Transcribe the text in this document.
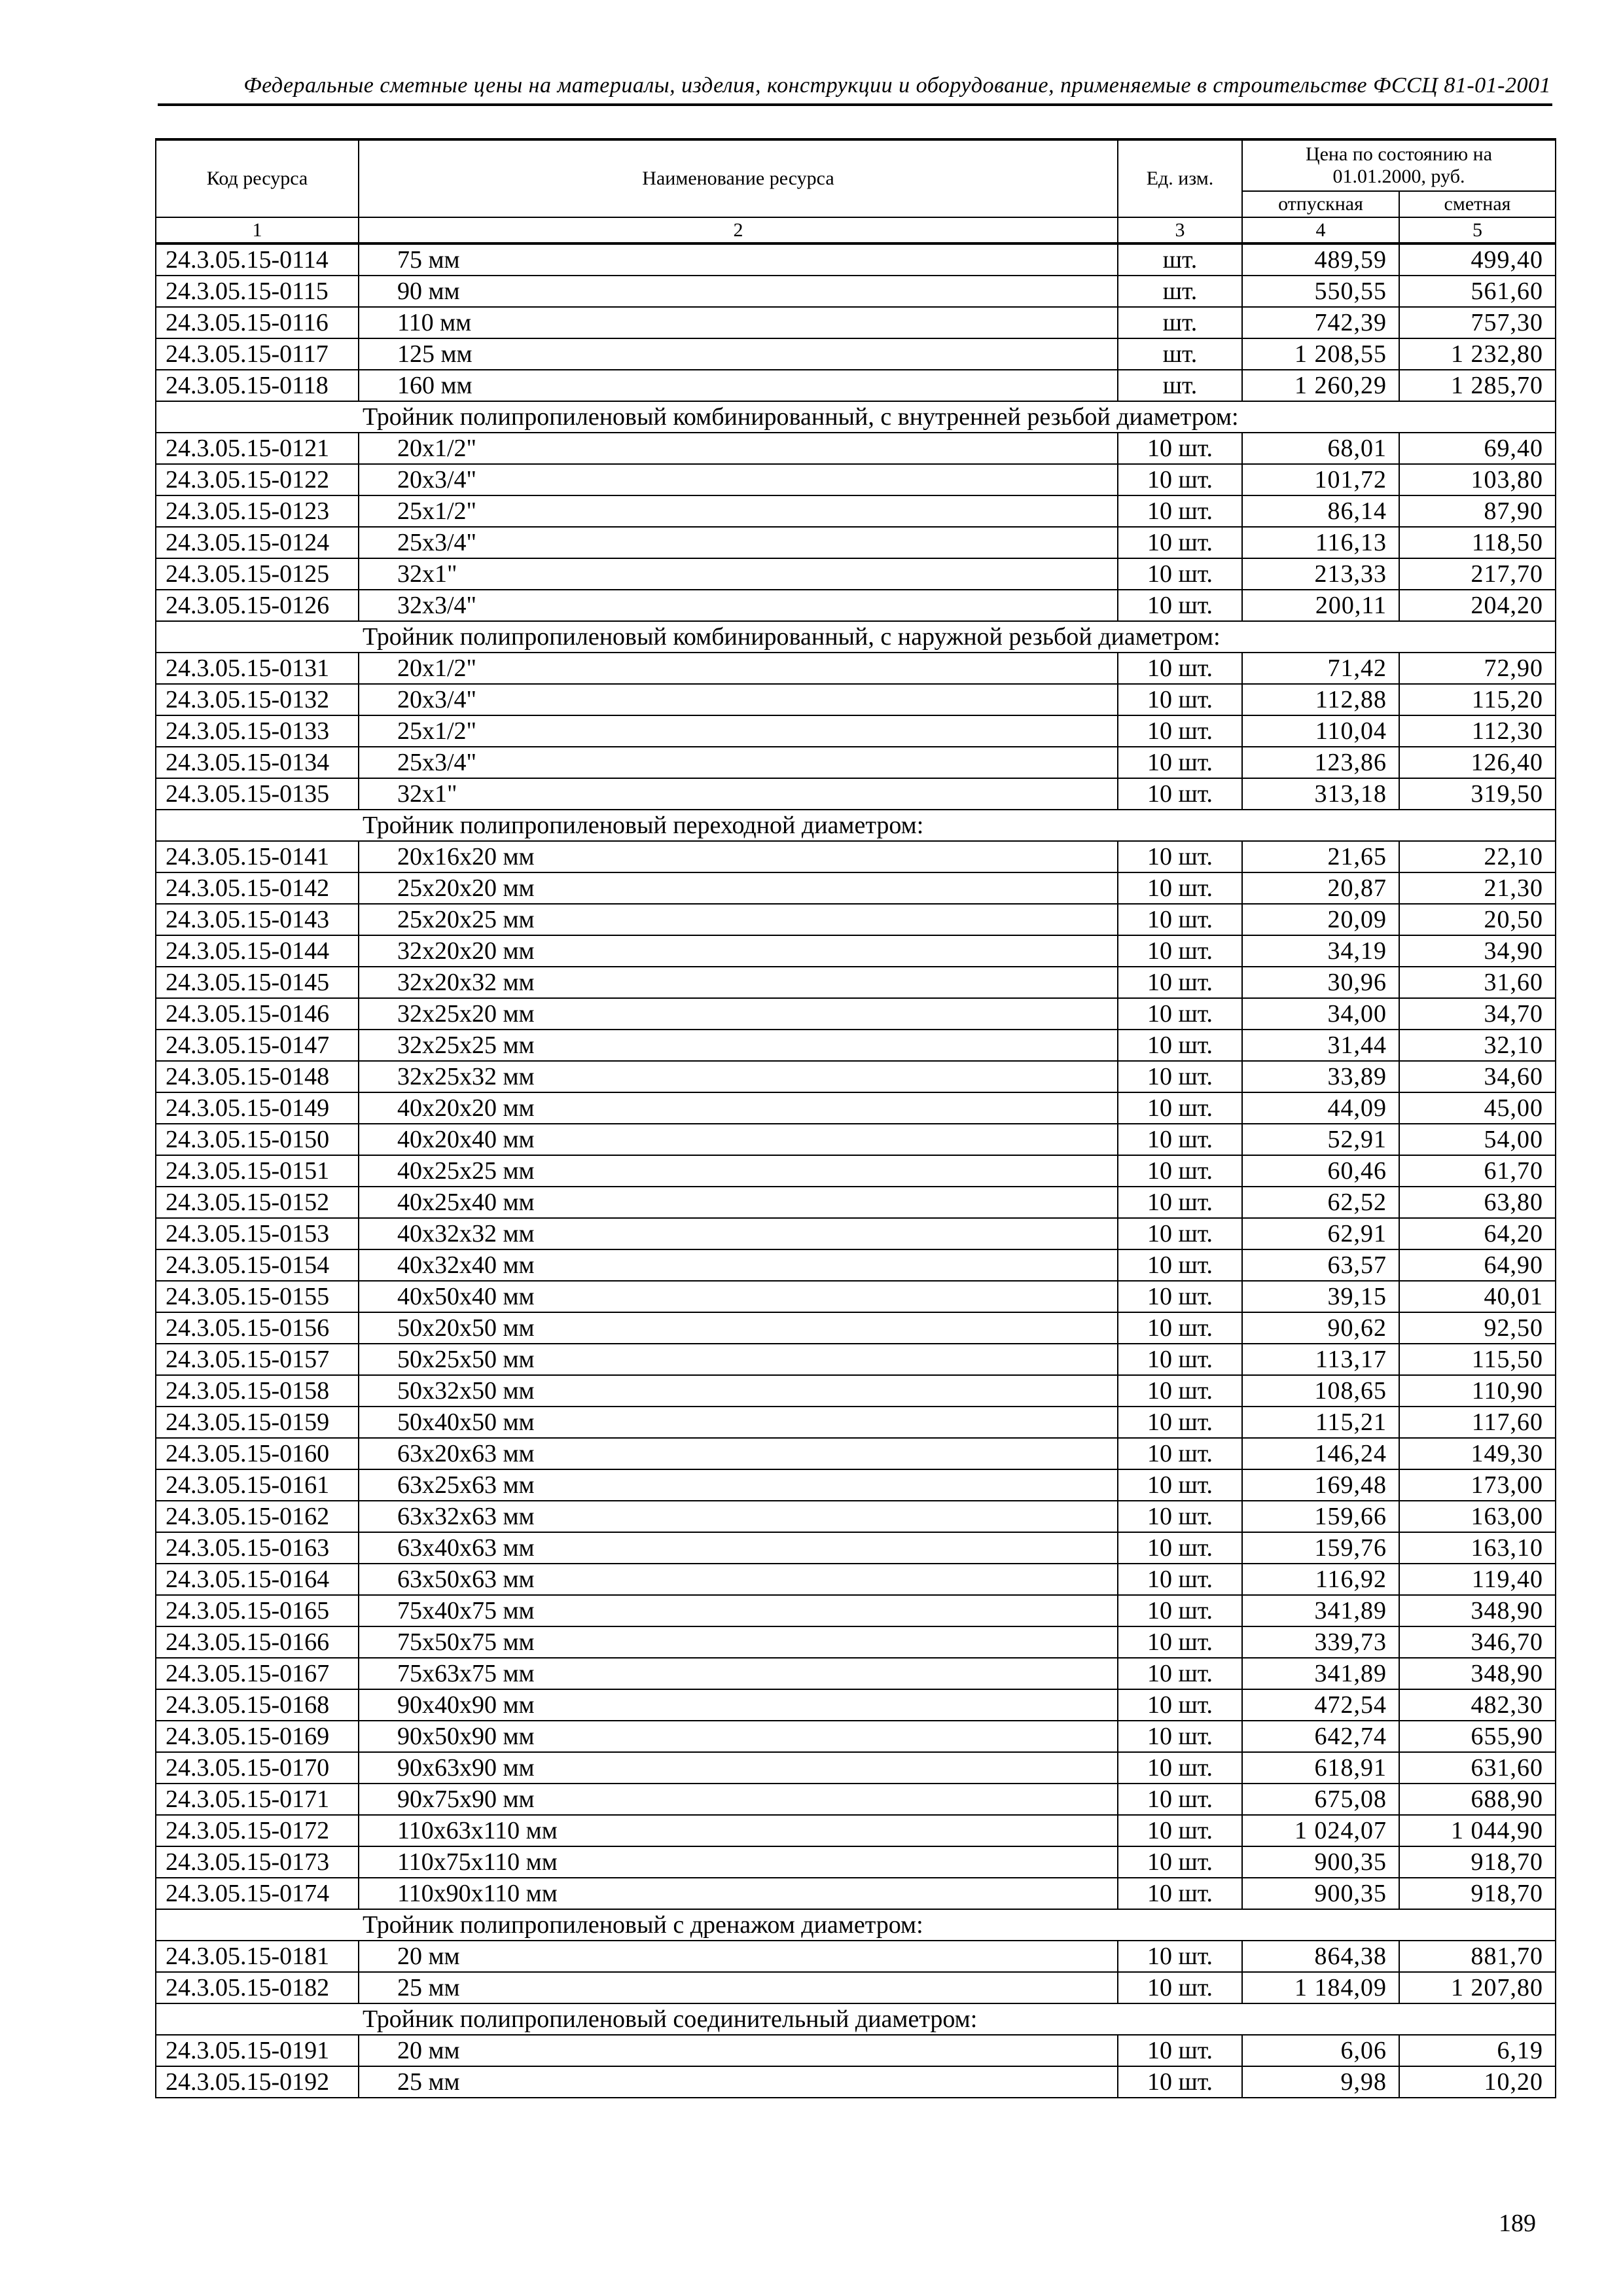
Федеральные сметные цены на материалы, изделия, конструкции и оборудование, применяемые в строительстве ФССЦ 81-01-2001
Код ресурса	Наименование ресурса	Ед. изм.	Цена по состоянию на 01.01.2000, руб.	
			отпускная	сметная
1	2	3	4	5
24.3.05.15-0114	75 мм	шт.	489,59	499,40
24.3.05.15-0115	90 мм	шт.	550,55	561,60
24.3.05.15-0116	110 мм	шт.	742,39	757,30
24.3.05.15-0117	125 мм	шт.	1 208,55	1 232,80
24.3.05.15-0118	160 мм	шт.	1 260,29	1 285,70
Тройник полипропиленовый комбинированный, с внутренней резьбой диаметром:				
24.3.05.15-0121	20x1/2"	10 шт.	68,01	69,40
24.3.05.15-0122	20x3/4"	10 шт.	101,72	103,80
24.3.05.15-0123	25x1/2"	10 шт.	86,14	87,90
24.3.05.15-0124	25x3/4"	10 шт.	116,13	118,50
24.3.05.15-0125	32x1"	10 шт.	213,33	217,70
24.3.05.15-0126	32x3/4"	10 шт.	200,11	204,20
Тройник полипропиленовый комбинированный, с наружной резьбой диаметром:				
24.3.05.15-0131	20x1/2"	10 шт.	71,42	72,90
24.3.05.15-0132	20x3/4"	10 шт.	112,88	115,20
24.3.05.15-0133	25x1/2"	10 шт.	110,04	112,30
24.3.05.15-0134	25x3/4"	10 шт.	123,86	126,40
24.3.05.15-0135	32x1"	10 шт.	313,18	319,50
Тройник полипропиленовый переходной диаметром:				
24.3.05.15-0141	20x16x20 мм	10 шт.	21,65	22,10
24.3.05.15-0142	25x20x20 мм	10 шт.	20,87	21,30
24.3.05.15-0143	25x20x25 мм	10 шт.	20,09	20,50
24.3.05.15-0144	32x20x20 мм	10 шт.	34,19	34,90
24.3.05.15-0145	32x20x32 мм	10 шт.	30,96	31,60
24.3.05.15-0146	32x25x20 мм	10 шт.	34,00	34,70
24.3.05.15-0147	32x25x25 мм	10 шт.	31,44	32,10
24.3.05.15-0148	32x25x32 мм	10 шт.	33,89	34,60
24.3.05.15-0149	40x20x20 мм	10 шт.	44,09	45,00
24.3.05.15-0150	40x20x40 мм	10 шт.	52,91	54,00
24.3.05.15-0151	40x25x25 мм	10 шт.	60,46	61,70
24.3.05.15-0152	40x25x40 мм	10 шт.	62,52	63,80
24.3.05.15-0153	40x32x32 мм	10 шт.	62,91	64,20
24.3.05.15-0154	40x32x40 мм	10 шт.	63,57	64,90
24.3.05.15-0155	40x50x40 мм	10 шт.	39,15	40,01
24.3.05.15-0156	50x20x50 мм	10 шт.	90,62	92,50
24.3.05.15-0157	50x25x50 мм	10 шт.	113,17	115,50
24.3.05.15-0158	50x32x50 мм	10 шт.	108,65	110,90
24.3.05.15-0159	50x40x50 мм	10 шт.	115,21	117,60
24.3.05.15-0160	63x20x63 мм	10 шт.	146,24	149,30
24.3.05.15-0161	63x25x63 мм	10 шт.	169,48	173,00
24.3.05.15-0162	63x32x63 мм	10 шт.	159,66	163,00
24.3.05.15-0163	63x40x63 мм	10 шт.	159,76	163,10
24.3.05.15-0164	63x50x63 мм	10 шт.	116,92	119,40
24.3.05.15-0165	75x40x75 мм	10 шт.	341,89	348,90
24.3.05.15-0166	75x50x75 мм	10 шт.	339,73	346,70
24.3.05.15-0167	75x63x75 мм	10 шт.	341,89	348,90
24.3.05.15-0168	90x40x90 мм	10 шт.	472,54	482,30
24.3.05.15-0169	90x50x90 мм	10 шт.	642,74	655,90
24.3.05.15-0170	90x63x90 мм	10 шт.	618,91	631,60
24.3.05.15-0171	90x75x90 мм	10 шт.	675,08	688,90
24.3.05.15-0172	110x63x110 мм	10 шт.	1 024,07	1 044,90
24.3.05.15-0173	110x75x110 мм	10 шт.	900,35	918,70
24.3.05.15-0174	110x90x110 мм	10 шт.	900,35	918,70
Тройник полипропиленовый с дренажом диаметром:				
24.3.05.15-0181	20 мм	10 шт.	864,38	881,70
24.3.05.15-0182	25 мм	10 шт.	1 184,09	1 207,80
Тройник полипропиленовый соединительный диаметром:				
24.3.05.15-0191	20 мм	10 шт.	6,06	6,19
24.3.05.15-0192	25 мм	10 шт.	9,98	10,20
189
